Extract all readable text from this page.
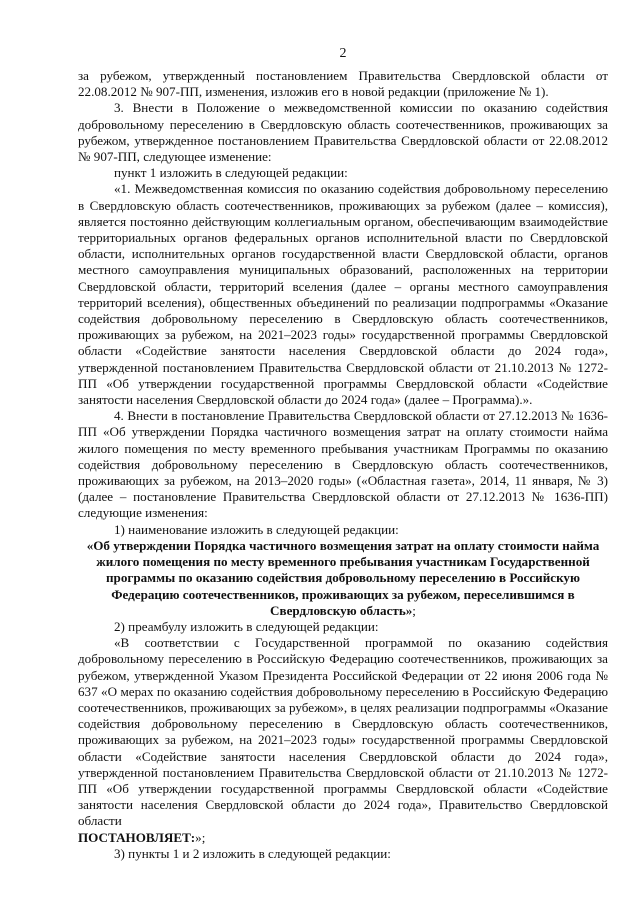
2

за рубежом, утвержденный постановлением Правительства Свердловской области от 22.08.2012 № 907-ПП, изменения, изложив его в новой редакции (приложение № 1).

3. Внести в Положение о межведомственной комиссии по оказанию содействия добровольному переселению в Свердловскую область соотечественников, проживающих за рубежом, утвержденное постановлением Правительства Свердловской области от 22.08.2012 № 907-ПП, следующее изменение:

пункт 1 изложить в следующей редакции:

«1. Межведомственная комиссия по оказанию содействия добровольному переселению в Свердловскую область соотечественников, проживающих за рубежом (далее – комиссия), является постоянно действующим коллегиальным органом, обеспечивающим взаимодействие территориальных органов федеральных органов исполнительной власти по Свердловской области, исполнительных органов государственной власти Свердловской области, органов местного самоуправления муниципальных образований, расположенных на территории Свердловской области, территорий вселения (далее – органы местного самоуправления территорий вселения), общественных объединений по реализации подпрограммы «Оказание содействия добровольному переселению в Свердловскую область соотечественников, проживающих за рубежом, на 2021–2023 годы» государственной программы Свердловской области «Содействие занятости населения Свердловской области до 2024 года», утвержденной постановлением Правительства Свердловской области от 21.10.2013 № 1272-ПП «Об утверждении государственной программы Свердловской области «Содействие занятости населения Свердловской области до 2024 года» (далее – Программа).».

4. Внести в постановление Правительства Свердловской области от 27.12.2013 № 1636-ПП «Об утверждении Порядка частичного возмещения затрат на оплату стоимости найма жилого помещения по месту временного пребывания участникам Программы по оказанию содействия добровольному переселению в Свердловскую область соотечественников, проживающих за рубежом, на 2013–2020 годы» («Областная газета», 2014, 11 января, № 3) (далее – постановление Правительства Свердловской области от 27.12.2013 № 1636-ПП) следующие изменения:

1) наименование изложить в следующей редакции:

«Об утверждении Порядка частичного возмещения затрат на оплату стоимости найма жилого помещения по месту временного пребывания участникам Государственной программы по оказанию содействия добровольному переселению в Российскую Федерацию соотечественников, проживающих за рубежом, переселившимся в Свердловскую область»;

2) преамбулу изложить в следующей редакции:

«В соответствии с Государственной программой по оказанию содействия добровольному переселению в Российскую Федерацию соотечественников, проживающих за рубежом, утвержденной Указом Президента Российской Федерации от 22 июня 2006 года № 637 «О мерах по оказанию содействия добровольному переселению в Российскую Федерацию соотечественников, проживающих за рубежом», в целях реализации подпрограммы «Оказание содействия добровольному переселению в Свердловскую область соотечественников, проживающих за рубежом, на 2021–2023 годы» государственной программы Свердловской области «Содействие занятости населения Свердловской области до 2024 года», утвержденной постановлением Правительства Свердловской области от 21.10.2013 № 1272-ПП «Об утверждении государственной программы Свердловской области «Содействие занятости населения Свердловской области до 2024 года», Правительство Свердловской области

ПОСТАНОВЛЯЕТ:»;

3) пункты 1 и 2 изложить в следующей редакции:
